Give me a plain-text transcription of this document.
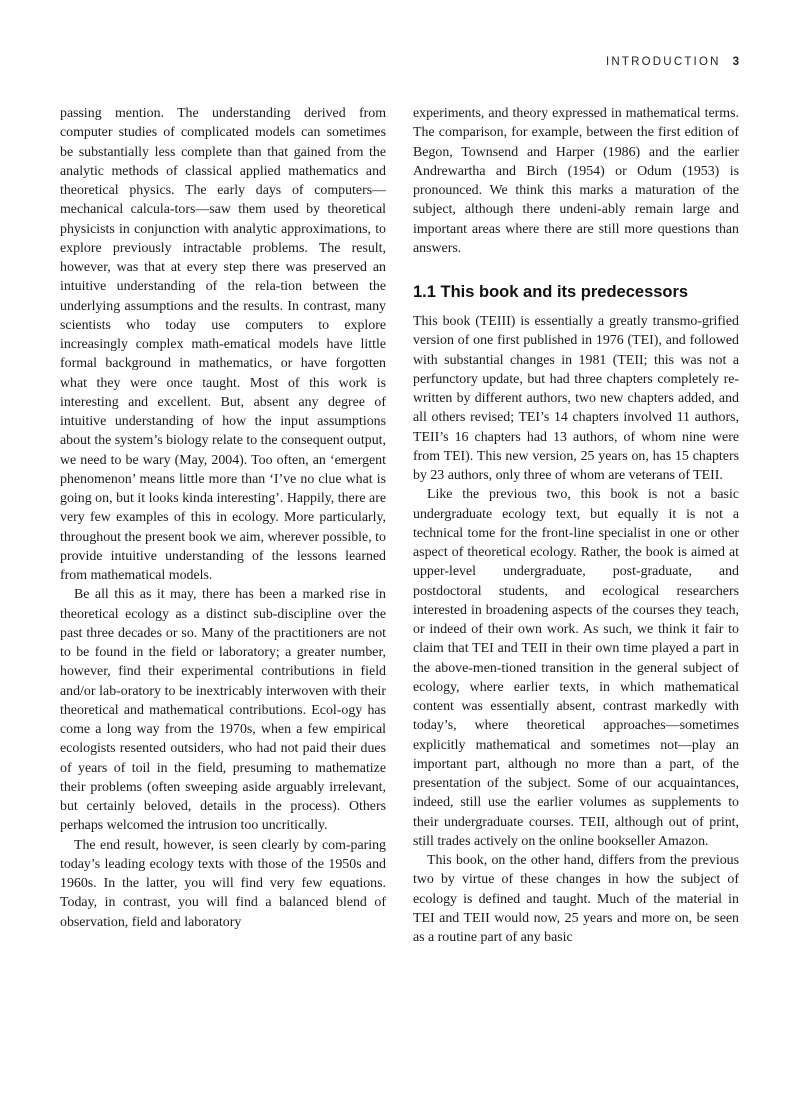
INTRODUCTION 3

passing mention. The understanding derived from computer studies of complicated models can sometimes be substantially less complete than that gained from the analytic methods of classical applied mathematics and theoretical physics. The early days of computers—mechanical calcula-tors—saw them used by theoretical physicists in conjunction with analytic approximations, to explore previously intractable problems. The result, however, was that at every step there was preserved an intuitive understanding of the rela-tion between the underlying assumptions and the results. In contrast, many scientists who today use computers to explore increasingly complex math-ematical models have little formal background in mathematics, or have forgotten what they were once taught. Most of this work is interesting and excellent. But, absent any degree of intuitive understanding of how the input assumptions about the system’s biology relate to the consequent output, we need to be wary (May, 2004). Too often, an ‘emergent phenomenon’ means little more than ‘I’ve no clue what is going on, but it looks kinda interesting’. Happily, there are very few examples of this in ecology. More particularly, throughout the present book we aim, wherever possible, to provide intuitive understanding of the lessons learned from mathematical models.

Be all this as it may, there has been a marked rise in theoretical ecology as a distinct sub-discipline over the past three decades or so. Many of the practitioners are not to be found in the field or laboratory; a greater number, however, find their experimental contributions in field and/or lab-oratory to be inextricably interwoven with their theoretical and mathematical contributions. Ecol-ogy has come a long way from the 1970s, when a few empirical ecologists resented outsiders, who had not paid their dues of years of toil in the field, presuming to mathematize their problems (often sweeping aside arguably irrelevant, but certainly beloved, details in the process). Others perhaps welcomed the intrusion too uncritically.

The end result, however, is seen clearly by com-paring today’s leading ecology texts with those of the 1950s and 1960s. In the latter, you will find very few equations. Today, in contrast, you will find a balanced blend of observation, field and laboratory

experiments, and theory expressed in mathematical terms. The comparison, for example, between the first edition of Begon, Townsend and Harper (1986) and the earlier Andrewartha and Birch (1954) or Odum (1953) is pronounced. We think this marks a maturation of the subject, although there undeni-ably remain large and important areas where there are still more questions than answers.

1.1 This book and its predecessors

This book (TEIII) is essentially a greatly transmo-grified version of one first published in 1976 (TEI), and followed with substantial changes in 1981 (TEII; this was not a perfunctory update, but had three chapters completely re-written by different authors, two new chapters added, and all others revised; TEI’s 14 chapters involved 11 authors, TEII’s 16 chapters had 13 authors, of whom nine were from TEI). This new version, 25 years on, has 15 chapters by 23 authors, only three of whom are veterans of TEII.

Like the previous two, this book is not a basic undergraduate ecology text, but equally it is not a technical tome for the front-line specialist in one or other aspect of theoretical ecology. Rather, the book is aimed at upper-level undergraduate, post-graduate, and postdoctoral students, and ecological researchers interested in broadening aspects of the courses they teach, or indeed of their own work. As such, we think it fair to claim that TEI and TEII in their own time played a part in the above-men-tioned transition in the general subject of ecology, where earlier texts, in which mathematical content was essentially absent, contrast markedly with today’s, where theoretical approaches—sometimes explicitly mathematical and sometimes not—play an important part, although no more than a part, of the presentation of the subject. Some of our acquaintances, indeed, still use the earlier volumes as supplements to their undergraduate courses. TEII, although out of print, still trades actively on the online bookseller Amazon.

This book, on the other hand, differs from the previous two by virtue of these changes in how the subject of ecology is defined and taught. Much of the material in TEI and TEII would now, 25 years and more on, be seen as a routine part of any basic
